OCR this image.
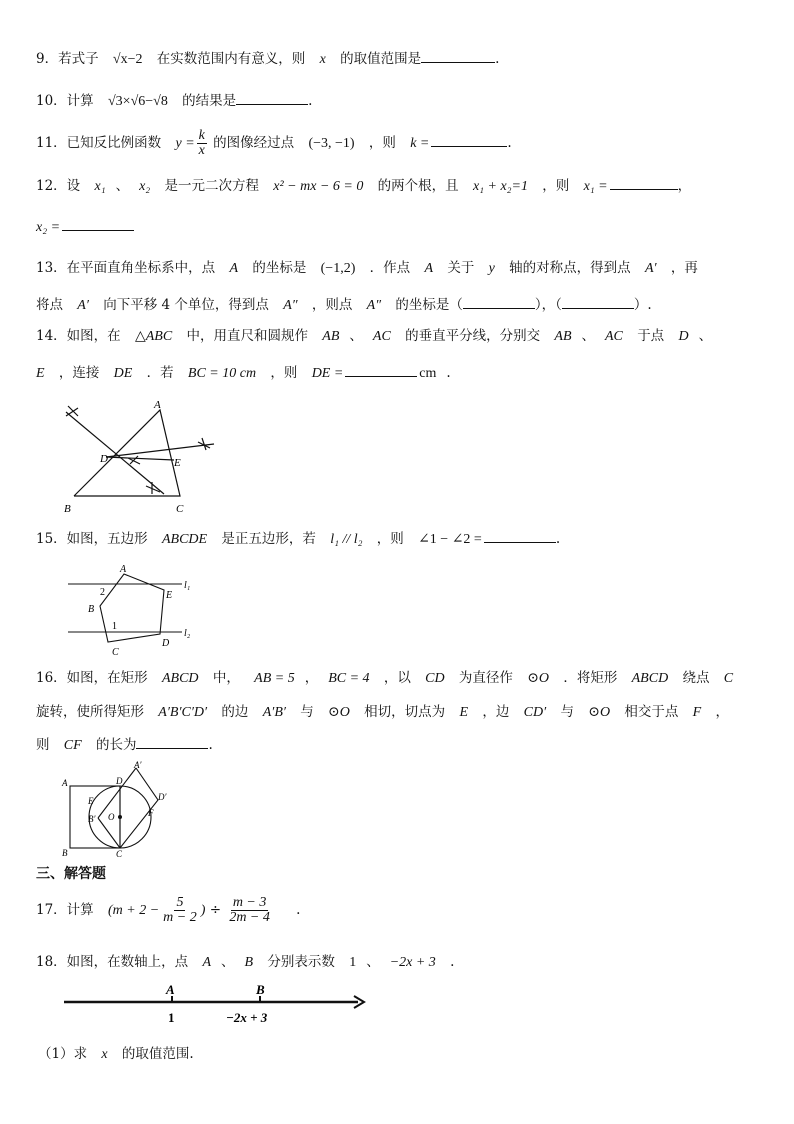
9．若式子 √x−2 在实数范围内有意义，则 x 的取值范围是	.
10．计算 √3×√6−√8 的结果是	.
11．已知反比例函数 $y = \frac{k}{x}$ 的图像经过点 (−3, −1) ，则 k =	.
12．设 x₁ 、 x₂ 是一元二次方程 x² − mx − 6 = 0 的两个根，且 x₁ + x₂=1 ，则 x₁ =	，
x₂ =
13．在平面直角坐标系中，点 A 的坐标是 (−1,2) ．作点 A 关于 y 轴的对称点，得到点 A′ ，再
将点 A′ 向下平移 4 个单位，得到点 A″ ，则点 A″ 的坐标是（	），（	）.
14．如图，在 △ABC 中，用直尺和圆规作 AB 、 AC 的垂直平分线，分别交 AB 、 AC 于点 D 、
E ，连接 DE ．若 BC = 10 cm ，则 DE =	cm .
A
B	C
D	E
15．如图，五边形 ABCDE 是正五边形，若 l₁ // l₂ ，则 ∠1 − ∠2 =	.
A
B
C
D
E
2
1
l₁
l₂
16．如图，在矩形 ABCD 中， AB = 5 ， BC = 4 ，以 CD 为直径作 ⊙O ．将矩形 ABCD 绕点 C
旋转，使所得矩形 A′B′C′D′ 的边 A′B′ 与 ⊙O 相切，切点为 E ，边 CD′ 与 ⊙O 相交于点 F ，
则 CF 的长为	.
A
B	C
D
E
F
O
A′
B′
D′
三、解答题
17．计算 ($m + 2 - \frac{5}{m - 2}$ ) ÷ $\frac{m - 3}{2m - 4}$ .
18．如图，在数轴上，点 A 、 B 分别表示数 1 、 −2x + 3 .
A	B
1	−2x + 3
（1）求 x 的取值范围.
